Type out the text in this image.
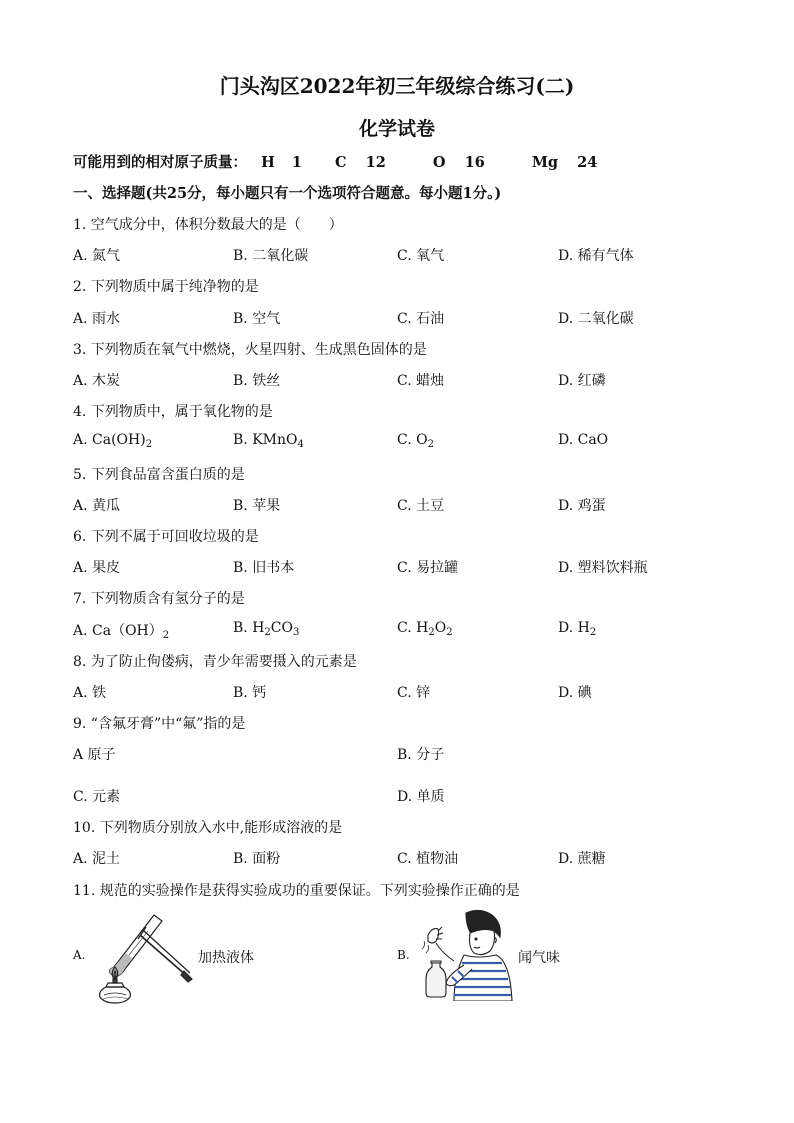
门头沟区2022年初三年级综合练习(二)
化学试卷
可能用到的相对原子质量： H 1 C 12	O 16	Mg 24
一、选择题(共25分，每小题只有一个选项符合题意。每小题1分。)
1. 空气成分中，体积分数最大的是（　　）
A. 氮气	B. 二氧化碳	C. 氧气	D. 稀有气体
2. 下列物质中属于纯净物的是
A. 雨水	B. 空气	C. 石油	D. 二氧化碳
3. 下列物质在氧气中燃烧，火星四射、生成黑色固体的是
A. 木炭	B. 铁丝	C. 蜡烛	D. 红磷
4. 下列物质中，属于氧化物的是
A. $Ca(OH)_2$	B. KMnO$_4$	C. $O_2$	D. CaO
5. 下列食品富含蛋白质的是
A. 黄瓜	B. 苹果	C. 土豆	D. 鸡蛋
6. 下列不属于可回收垃圾的是
A. 果皮	B. 旧书本	C. 易拉罐	D. 塑料饮料瓶
7. 下列物质含有氢分子的是
A. $Ca(OH)_2$	B. $H_2CO_3$	C. $H_2O_2$	D. $H_2$
8. 为了防止佝偻病，青少年需要摄入的元素是
A. 铁	B. 钙	C. 锌	D. 碘
9. “含氟牙膏”中“氟”指的是
A 原子	B. 分子
C. 元素	D. 单质
10. 下列物质分别放入水中,能形成溶液的是
A. 泥土	B. 面粉	C. 植物油	D. 蔗糖
11. 规范的实验操作是获得实验成功的重要保证。下列实验操作正确的是
A.	加热液体	B.	闻气味
